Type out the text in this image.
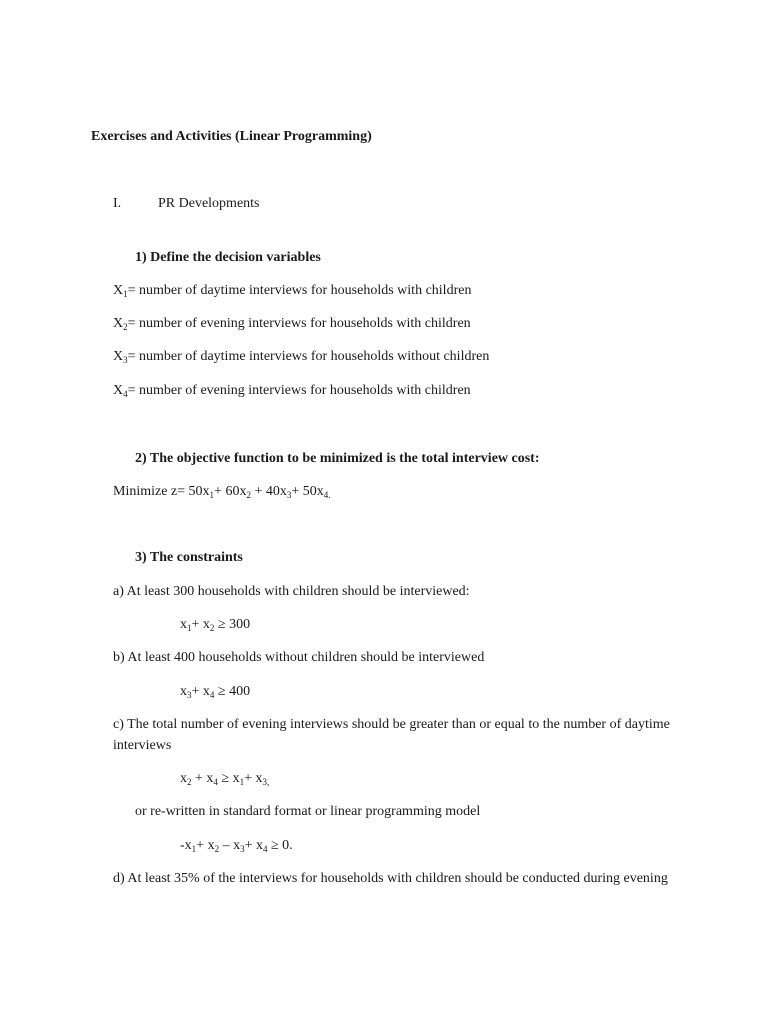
Exercises and Activities (Linear Programming)
I.	PR Developments
1) Define the decision variables
$X_1=$ number of daytime interviews for households with children
$X_2=$ number of evening interviews for households with children
$X_3=$ number of daytime interviews for households without children
$X_4=$ number of evening interviews for households with children
2) The objective function to be minimized is the total interview cost:
Minimize $z= 50x_1+ 60x_2 + 40x_3+ 50x_{4.}$
3) The constraints
a) At least 300 households with children should be interviewed:
$x_1+ x_2 \ge 300$
b) At least 400 households without children should be interviewed
$x_3+ x_4 \ge 400$
c) The total number of evening interviews should be greater than or equal to the number of daytime interviews
$x_2 + x_4 \ge x_1+ x_{3,}$
or re-written in standard format or linear programming model
$-x_1+ x_2 - x_3+ x_4 \ge 0$.
d) At least 35% of the interviews for households with children should be conducted during evening
